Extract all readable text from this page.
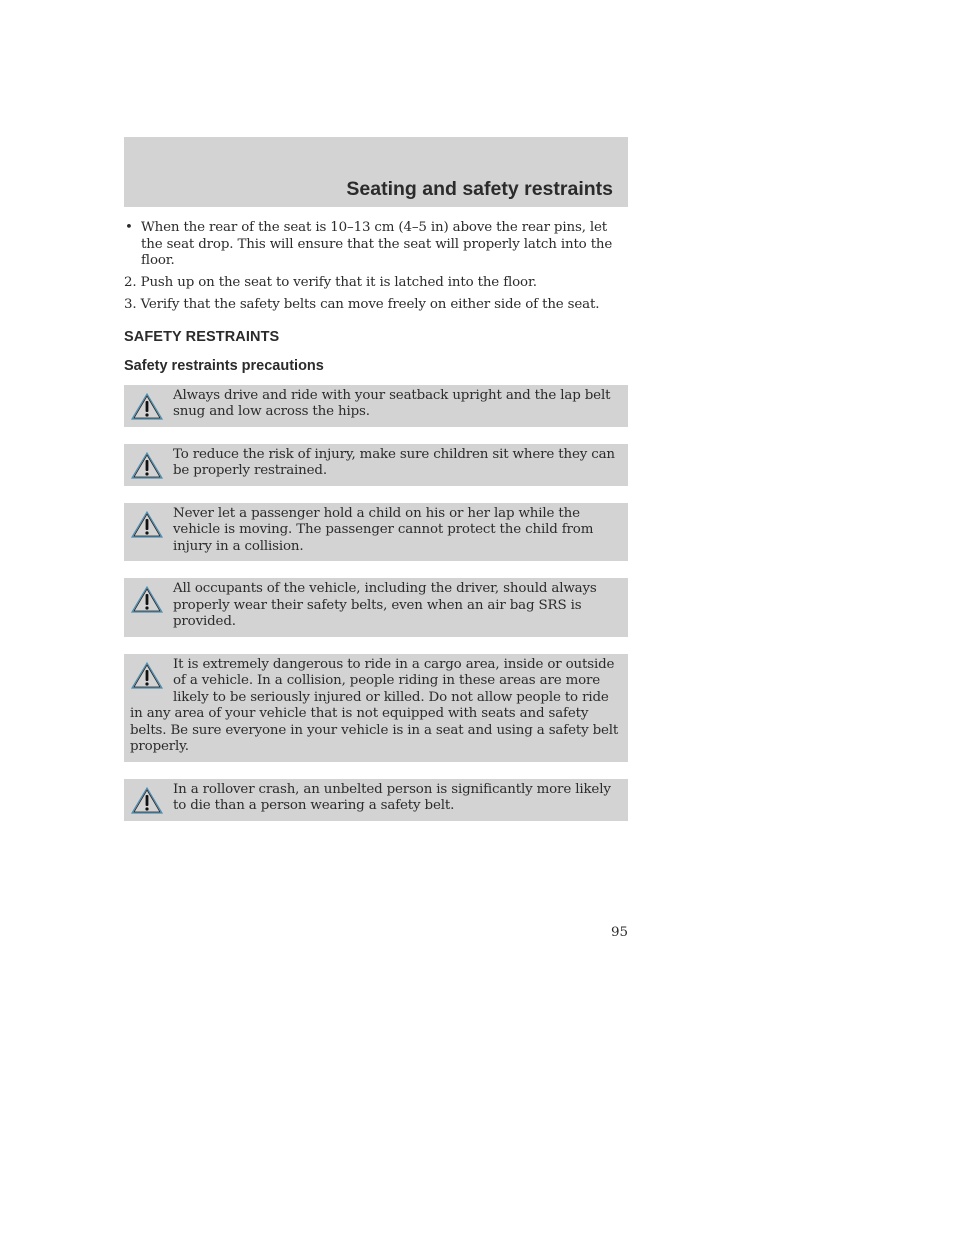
Seating and safety restraints
• When the rear of the seat is 10–13 cm (4–5 in) above the rear pins, let the seat drop. This will ensure that the seat will properly latch into the floor.
2. Push up on the seat to verify that it is latched into the floor.
3. Verify that the safety belts can move freely on either side of the seat.
SAFETY RESTRAINTS
Safety restraints precautions
Always drive and ride with your seatback upright and the lap belt snug and low across the hips.
To reduce the risk of injury, make sure children sit where they can be properly restrained.
Never let a passenger hold a child on his or her lap while the vehicle is moving. The passenger cannot protect the child from injury in a collision.
All occupants of the vehicle, including the driver, should always properly wear their safety belts, even when an air bag SRS is provided.
It is extremely dangerous to ride in a cargo area, inside or outside of a vehicle. In a collision, people riding in these areas are more likely to be seriously injured or killed. Do not allow people to ride in any area of your vehicle that is not equipped with seats and safety belts. Be sure everyone in your vehicle is in a seat and using a safety belt properly.
In a rollover crash, an unbelted person is significantly more likely to die than a person wearing a safety belt.
95
